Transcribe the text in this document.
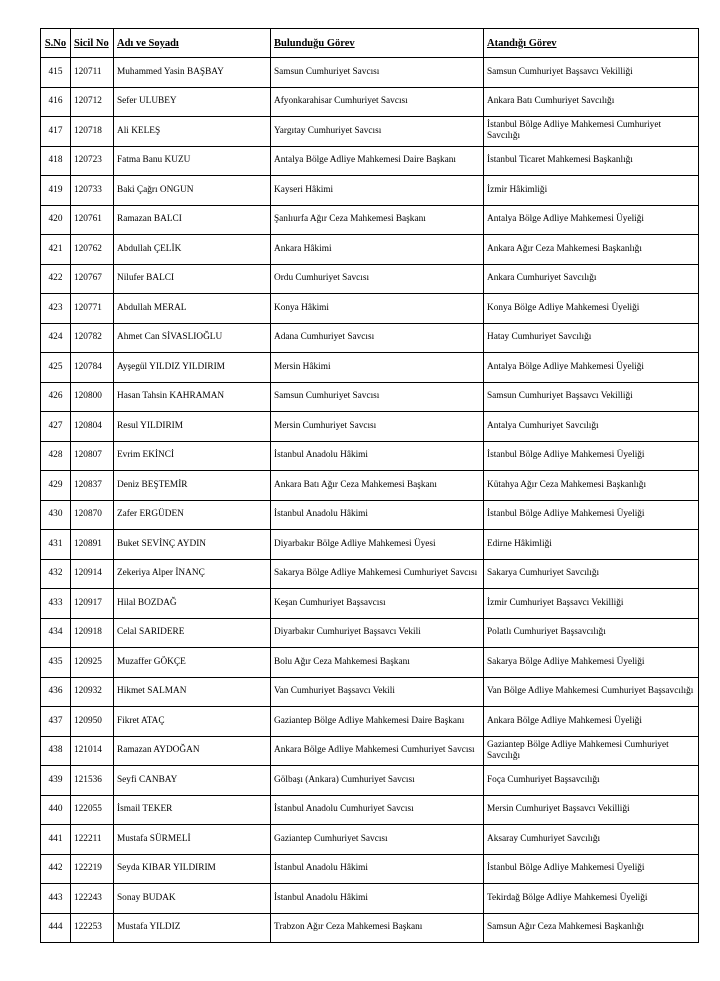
S.No	Sicil No	Adı ve Soyadı	Bulunduğu Görev	Atandığı Görev
415	120711	Muhammed Yasin BAŞBAY	Samsun Cumhuriyet Savcısı	Samsun Cumhuriyet Başsavcı Vekilliği
416	120712	Sefer ULUBEY	Afyonkarahisar Cumhuriyet Savcısı	Ankara Batı Cumhuriyet Savcılığı
417	120718	Ali KELEŞ	Yargıtay Cumhuriyet Savcısı	İstanbul Bölge Adliye Mahkemesi Cumhuriyet Savcılığı
418	120723	Fatma Banu KUZU	Antalya Bölge Adliye Mahkemesi Daire Başkanı	İstanbul Ticaret Mahkemesi Başkanlığı
419	120733	Baki Çağrı ONGUN	Kayseri Hâkimi	İzmir Hâkimliği
420	120761	Ramazan BALCI	Şanlıurfa Ağır Ceza Mahkemesi Başkanı	Antalya Bölge Adliye Mahkemesi Üyeliği
421	120762	Abdullah ÇELİK	Ankara Hâkimi	Ankara Ağır Ceza Mahkemesi Başkanlığı
422	120767	Nilufer BALCI	Ordu Cumhuriyet Savcısı	Ankara Cumhuriyet Savcılığı
423	120771	Abdullah MERAL	Konya Hâkimi	Konya Bölge Adliye Mahkemesi Üyeliği
424	120782	Ahmet Can SİVASLIOĞLU	Adana Cumhuriyet Savcısı	Hatay Cumhuriyet Savcılığı
425	120784	Ayşegül YILDIZ YILDIRIM	Mersin Hâkimi	Antalya Bölge Adliye Mahkemesi Üyeliği
426	120800	Hasan Tahsin KAHRAMAN	Samsun Cumhuriyet Savcısı	Samsun Cumhuriyet Başsavcı Vekilliği
427	120804	Resul YILDIRIM	Mersin Cumhuriyet Savcısı	Antalya Cumhuriyet Savcılığı
428	120807	Evrim EKİNCİ	İstanbul Anadolu Hâkimi	İstanbul Bölge Adliye Mahkemesi Üyeliği
429	120837	Deniz BEŞTEMİR	Ankara Batı Ağır Ceza Mahkemesi Başkanı	Kütahya Ağır Ceza Mahkemesi Başkanlığı
430	120870	Zafer ERGÜDEN	İstanbul Anadolu Hâkimi	İstanbul Bölge Adliye Mahkemesi Üyeliği
431	120891	Buket SEVİNÇ AYDIN	Diyarbakır Bölge Adliye Mahkemesi Üyesi	Edirne Hâkimliği
432	120914	Zekeriya Alper İNANÇ	Sakarya Bölge Adliye Mahkemesi Cumhuriyet Savcısı	Sakarya Cumhuriyet Savcılığı
433	120917	Hilal BOZDAĞ	Keşan Cumhuriyet Başsavcısı	İzmir Cumhuriyet Başsavcı Vekilliği
434	120918	Celal SARIDERE	Diyarbakır Cumhuriyet Başsavcı Vekili	Polatlı Cumhuriyet Başsavcılığı
435	120925	Muzaffer GÖKÇE	Bolu Ağır Ceza Mahkemesi Başkanı	Sakarya Bölge Adliye Mahkemesi Üyeliği
436	120932	Hikmet SALMAN	Van Cumhuriyet Başsavcı Vekili	Van Bölge Adliye Mahkemesi Cumhuriyet Başsavcılığı
437	120950	Fikret ATAÇ	Gaziantep Bölge Adliye Mahkemesi Daire Başkanı	Ankara Bölge Adliye Mahkemesi Üyeliği
438	121014	Ramazan AYDOĞAN	Ankara Bölge Adliye Mahkemesi Cumhuriyet Savcısı	Gaziantep Bölge Adliye Mahkemesi Cumhuriyet Savcılığı
439	121536	Seyfi CANBAY	Gölbaşı (Ankara) Cumhuriyet Savcısı	Foça Cumhuriyet Başsavcılığı
440	122055	İsmail TEKER	İstanbul Anadolu Cumhuriyet Savcısı	Mersin Cumhuriyet Başsavcı Vekilliği
441	122211	Mustafa SÜRMELİ	Gaziantep Cumhuriyet Savcısı	Aksaray Cumhuriyet Savcılığı
442	122219	Seyda KIBAR YILDIRIM	İstanbul Anadolu Hâkimi	İstanbul Bölge Adliye Mahkemesi Üyeliği
443	122243	Sonay BUDAK	İstanbul Anadolu Hâkimi	Tekirdağ Bölge Adliye Mahkemesi Üyeliği
444	122253	Mustafa YILDIZ	Trabzon Ağır Ceza Mahkemesi Başkanı	Samsun Ağır Ceza Mahkemesi Başkanlığı
